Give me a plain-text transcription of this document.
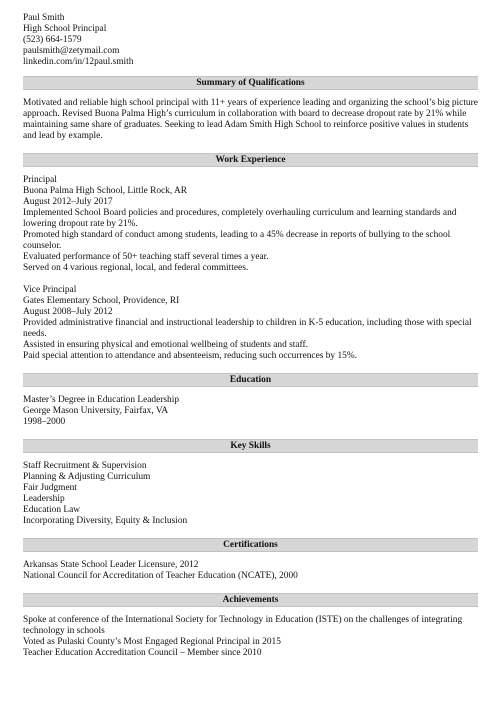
Paul Smith
High School Principal
(523) 664-1579
paulsmith@zetymail.com
linkedin.com/in/12paul.smith
Summary of Qualifications
Motivated and reliable high school principal with 11+ years of experience leading and organizing the school’s big picture approach. Revised Buona Palma High’s curriculum in collaboration with board to decrease dropout rate by 21% while maintaining same share of graduates. Seeking to lead Adam Smith High School to reinforce positive values in students and lead by example.
Work Experience
Principal
Buona Palma High School, Little Rock, AR
August 2012–July 2017
Implemented School Board policies and procedures, completely overhauling curriculum and learning standards and lowering dropout rate by 21%.
Promoted high standard of conduct among students, leading to a 45% decrease in reports of bullying to the school counselor.
Evaluated performance of 50+ teaching staff several times a year.
Served on 4 various regional, local, and federal committees.
Vice Principal
Gates Elementary School, Providence, RI
August 2008–July 2012
Provided administrative financial and instructional leadership to children in K-5 education, including those with special needs.
Assisted in ensuring physical and emotional wellbeing of students and staff.
Paid special attention to attendance and absenteeism, reducing such occurrences by 15%.
Education
Master’s Degree in Education Leadership
George Mason University, Fairfax, VA
1998–2000
Key Skills
Staff Recruitment & Supervision
Planning & Adjusting Curriculum
Fair Judgment
Leadership
Education Law
Incorporating Diversity, Equity & Inclusion
Certifications
Arkansas State School Leader Licensure, 2012
National Council for Accreditation of Teacher Education (NCATE), 2000
Achievements
Spoke at conference of the International Society for Technology in Education (ISTE) on the challenges of integrating technology in schools
Voted as Pulaski County’s Most Engaged Regional Principal in 2015
Teacher Education Accreditation Council – Member since 2010
